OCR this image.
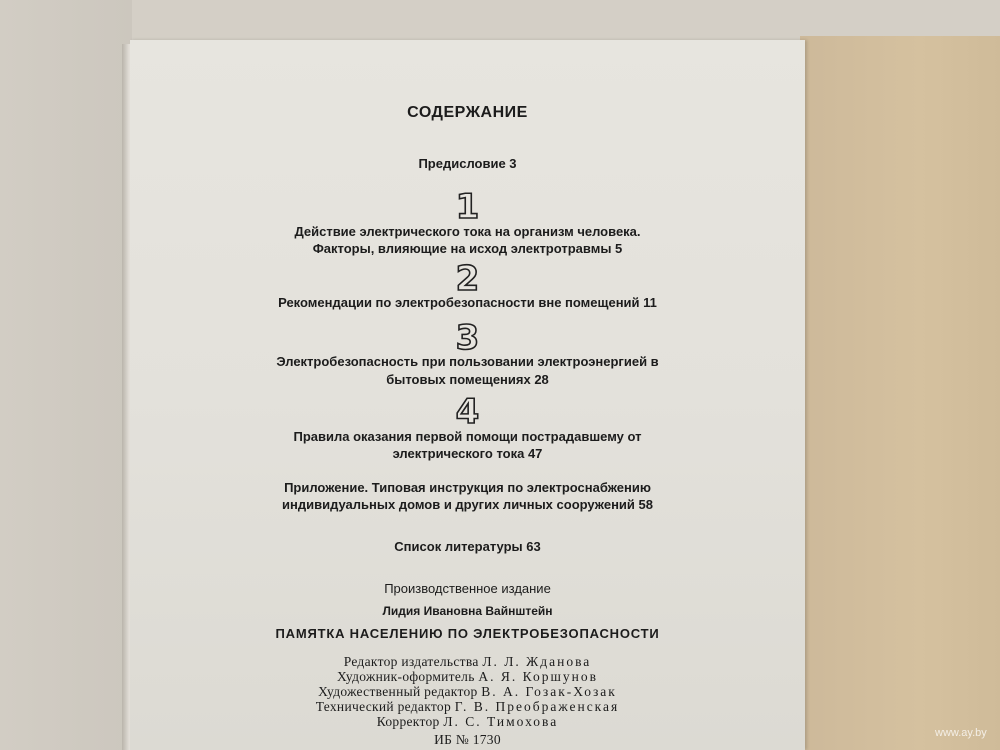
СОДЕРЖАНИЕ
Предисловие 3
1
Действие электрического тока на организм человека.
Факторы, влияющие на исход электротравмы 5
2
Рекомендации по электробезопасности вне помещений 11
3
Электробезопасность при пользовании электроэнергией в
бытовых помещениях 28
4
Правила оказания первой помощи пострадавшему от
электрического тока 47
Приложение. Типовая инструкция по электроснабжению
индивидуальных домов и других личных сооружений 58
Список литературы 63
Производственное издание
Лидия Ивановна Вайнштейн
ПАМЯТКА НАСЕЛЕНИЮ ПО ЭЛЕКТРОБЕЗОПАСНОСТИ
Редактор издательства Л. Л. Жданова
Художник-оформитель А. Я. Коршунов
Художественный редактор В. А. Гозак-Хозак
Технический редактор Г. В. Преображенская
Корректор Л. С. Тимохова
ИБ № 1730	www.ay.by
